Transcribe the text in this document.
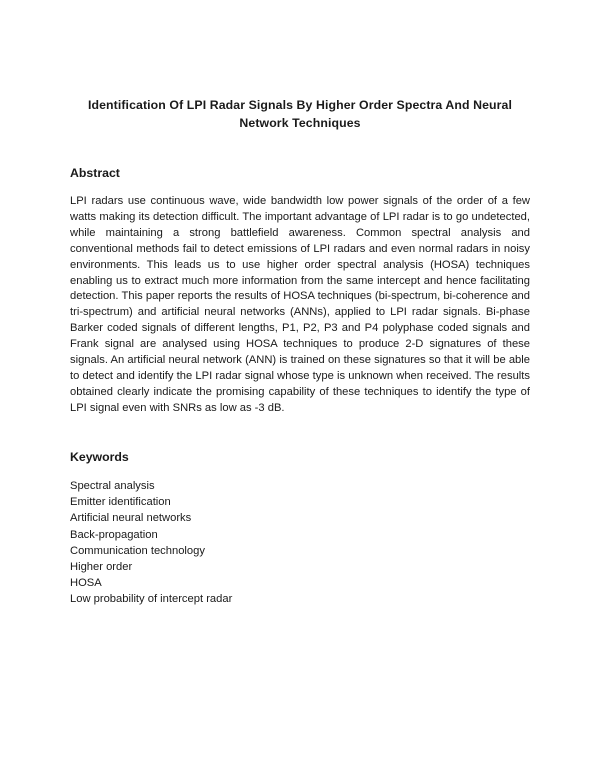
Identification Of LPI Radar Signals By Higher Order Spectra And Neural Network Techniques
Abstract

LPI radars use continuous wave, wide bandwidth low power signals of the order of a few watts making its detection difficult. The important advantage of LPI radar is to go undetected, while maintaining a strong battlefield awareness. Common spectral analysis and conventional methods fail to detect emissions of LPI radars and even normal radars in noisy environments. This leads us to use higher order spectral analysis (HOSA) techniques enabling us to extract much more information from the same intercept and hence facilitating detection. This paper reports the results of HOSA techniques (bi-spectrum, bi-coherence and tri-spectrum) and artificial neural networks (ANNs), applied to LPI radar signals. Bi-phase Barker coded signals of different lengths, P1, P2, P3 and P4 polyphase coded signals and Frank signal are analysed using HOSA techniques to produce 2-D signatures of these signals. An artificial neural network (ANN) is trained on these signatures so that it will be able to detect and identify the LPI radar signal whose type is unknown when received. The results obtained clearly indicate the promising capability of these techniques to identify the type of LPI signal even with SNRs as low as -3 dB.

Keywords
Spectral analysis
Emitter identification
Artificial neural networks
Back-propagation
Communication technology
Higher order
HOSA
Low probability of intercept radar
